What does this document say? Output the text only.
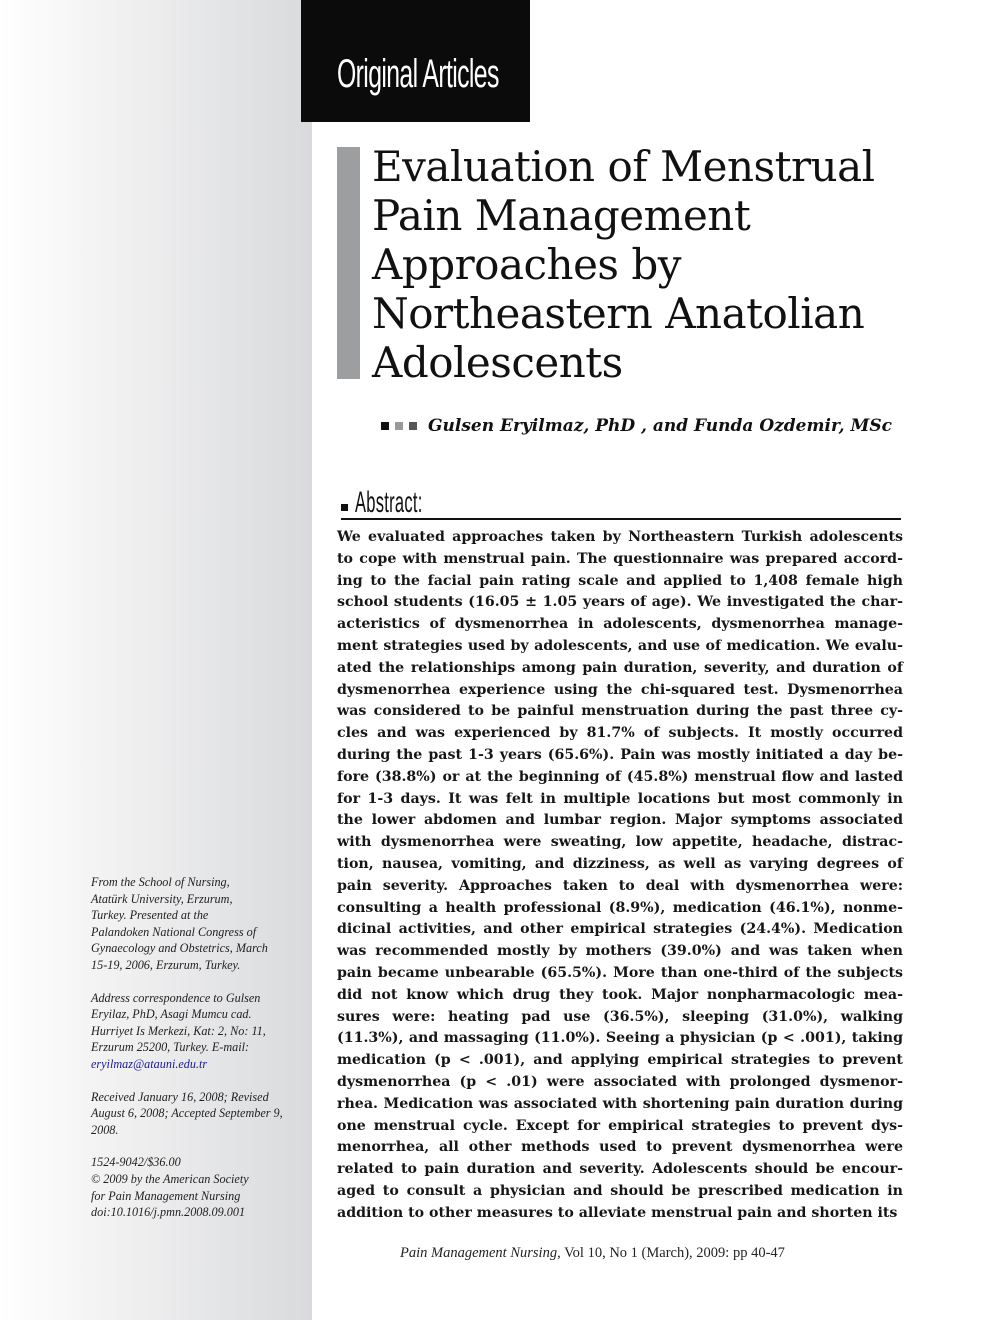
Original Articles
Evaluation of Menstrual
Pain Management
Approaches by
Northeastern Anatolian
Adolescents
Gulsen Eryilmaz, PhD , and Funda Ozdemir, MSc
Abstract:
We evaluated approaches taken by Northeastern Turkish adolescents
to cope with menstrual pain. The questionnaire was prepared accord-
ing to the facial pain rating scale and applied to 1,408 female high
school students (16.05 ± 1.05 years of age). We investigated the char-
acteristics of dysmenorrhea in adolescents, dysmenorrhea manage-
ment strategies used by adolescents, and use of medication. We evalu-
ated the relationships among pain duration, severity, and duration of
dysmenorrhea experience using the chi-squared test. Dysmenorrhea
was considered to be painful menstruation during the past three cy-
cles and was experienced by 81.7% of subjects. It mostly occurred
during the past 1-3 years (65.6%). Pain was mostly initiated a day be-
fore (38.8%) or at the beginning of (45.8%) menstrual flow and lasted
for 1-3 days. It was felt in multiple locations but most commonly in
the lower abdomen and lumbar region. Major symptoms associated
with dysmenorrhea were sweating, low appetite, headache, distrac-
tion, nausea, vomiting, and dizziness, as well as varying degrees of
pain severity. Approaches taken to deal with dysmenorrhea were:
consulting a health professional (8.9%), medication (46.1%), nonme-
dicinal activities, and other empirical strategies (24.4%). Medication
was recommended mostly by mothers (39.0%) and was taken when
pain became unbearable (65.5%). More than one-third of the subjects
did not know which drug they took. Major nonpharmacologic mea-
sures were: heating pad use (36.5%), sleeping (31.0%), walking
(11.3%), and massaging (11.0%). Seeing a physician (p < .001), taking
medication (p < .001), and applying empirical strategies to prevent
dysmenorrhea (p < .01) were associated with prolonged dysmenor-
rhea. Medication was associated with shortening pain duration during
one menstrual cycle. Except for empirical strategies to prevent dys-
menorrhea, all other methods used to prevent dysmenorrhea were
related to pain duration and severity. Adolescents should be encour-
aged to consult a physician and should be prescribed medication in
addition to other measures to alleviate menstrual pain and shorten its
From the School of Nursing,
Atatürk University, Erzurum,
Turkey. Presented at the
Palandoken National Congress of
Gynaecology and Obstetrics, March
15-19, 2006, Erzurum, Turkey.
Address correspondence to Gulsen
Eryilaz, PhD, Asagi Mumcu cad.
Hurriyet Is Merkezi, Kat: 2, No: 11,
Erzurum 25200, Turkey. E-mail:
eryilmaz@atauni.edu.tr
Received January 16, 2008; Revised
August 6, 2008; Accepted September 9,
2008.
1524-9042/$36.00
© 2009 by the American Society
for Pain Management Nursing
doi:10.1016/j.pmn.2008.09.001
Pain Management Nursing, Vol 10, No 1 (March), 2009: pp 40-47
